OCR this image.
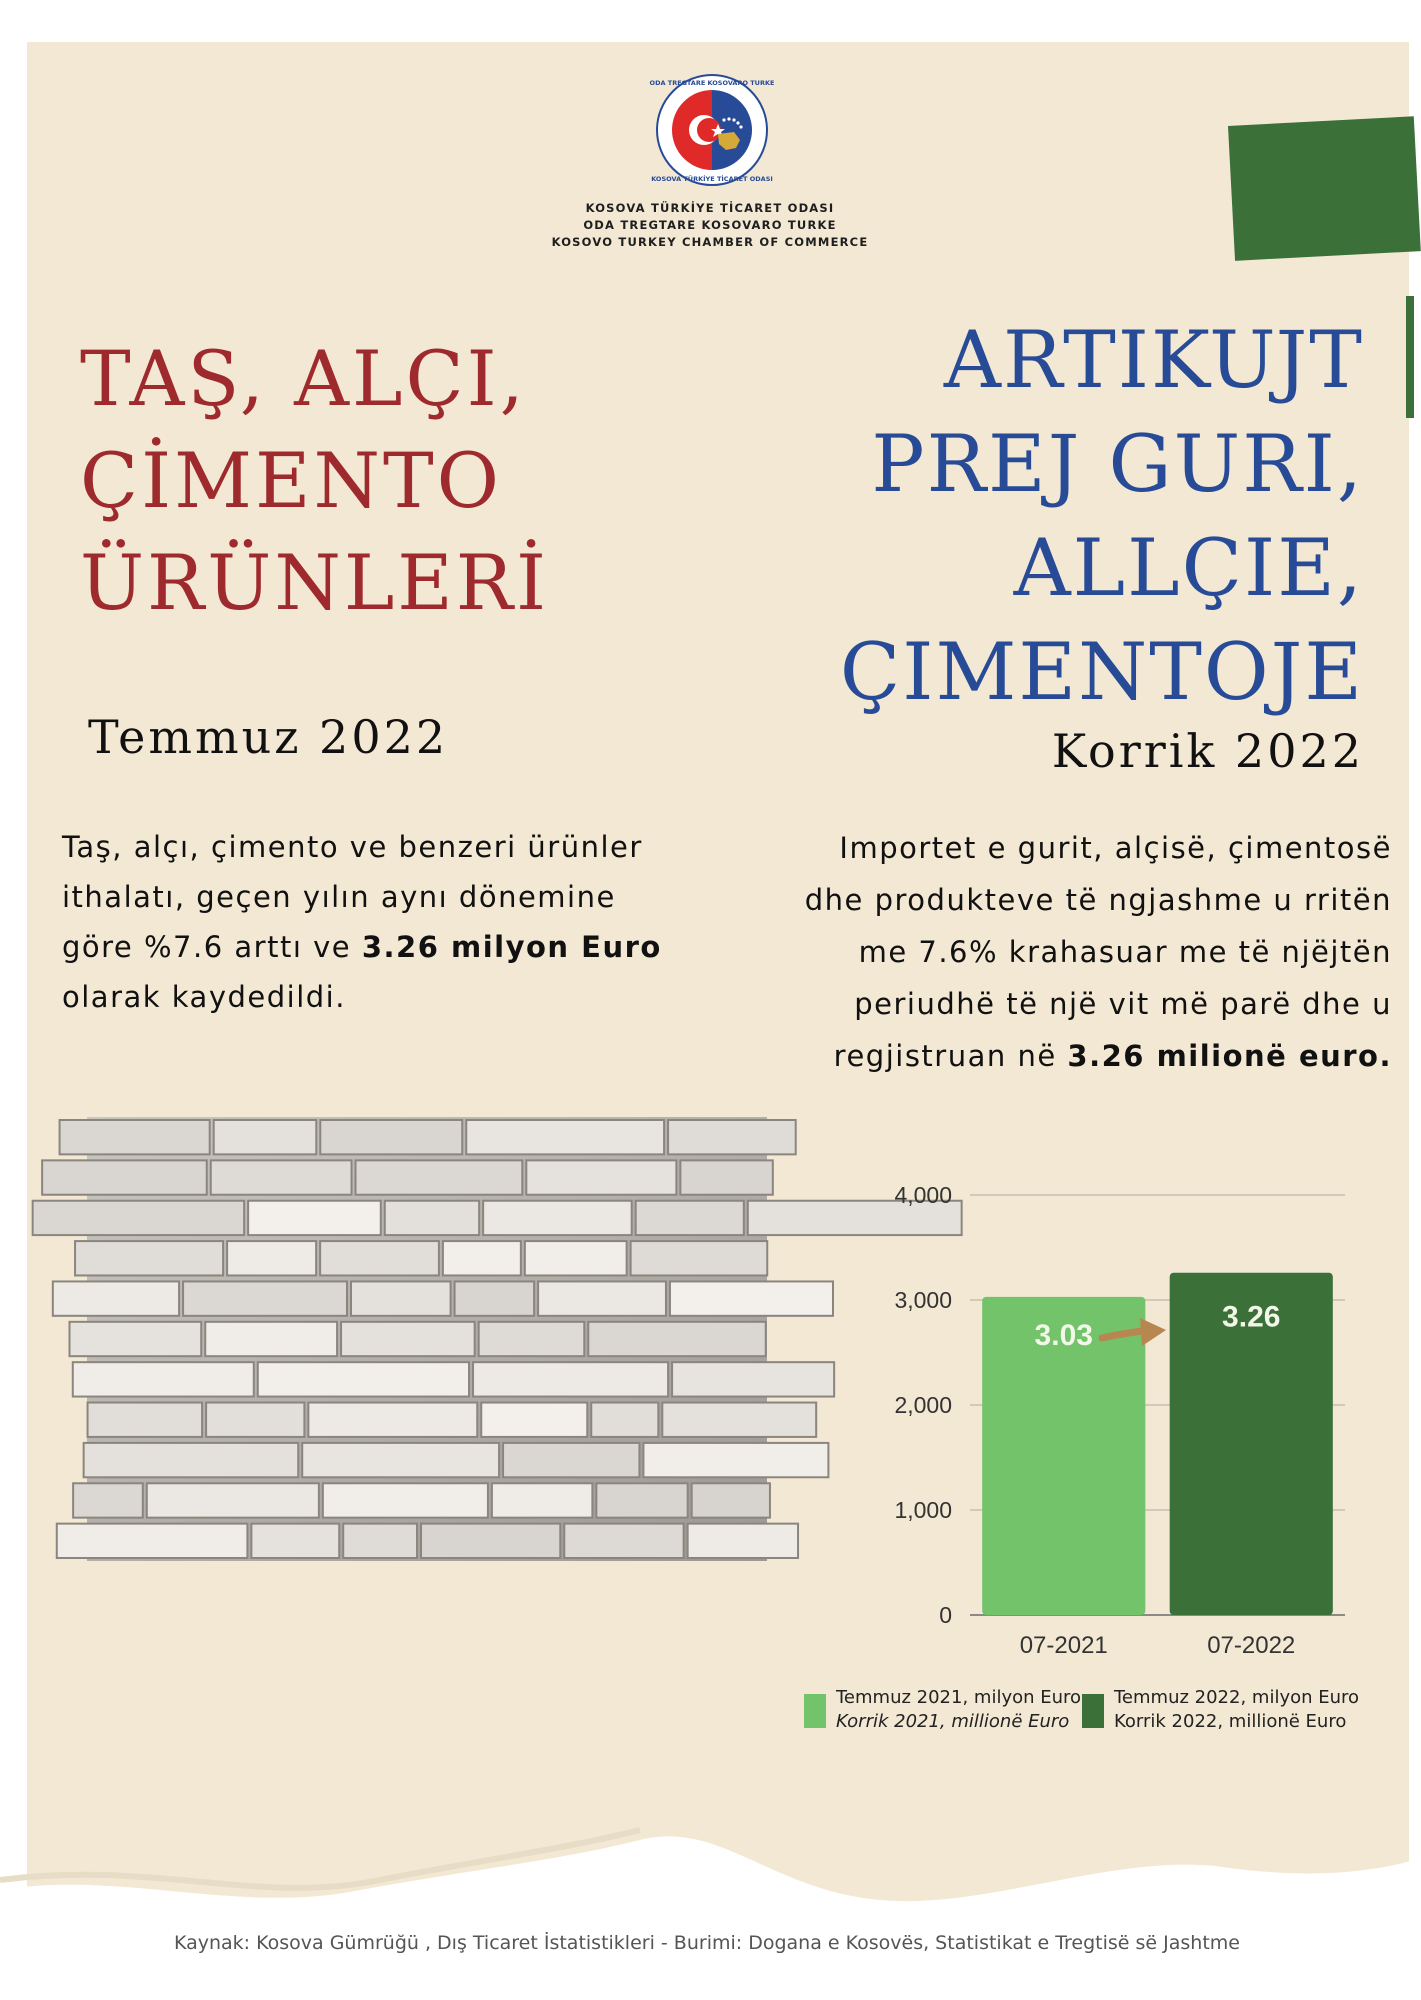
ODA TREGTARE KOSOVARO TURKE
KOSOVA TÜRKİYE TİCARET ODASI
KOSOVA TÜRKİYE TİCARET ODASI
ODA TREGTARE KOSOVARO TURKE
KOSOVO TURKEY CHAMBER OF COMMERCE
TAŞ, ALÇI,
ÇİMENTO
ÜRÜNLERİ
ARTIKUJT
PREJ GURI,
ALLÇIE,
ÇIMENTOJE
Temmuz 2022	Korrik 2022
Taş, alçı, çimento ve benzeri ürünler
ithalatı, geçen yılın aynı dönemine
göre %7.6 arttı ve 3.26 milyon Euro
olarak kaydedildi.
Importet e gurit, alçisë, çimentosë
dhe produkteve të ngjashme u rritën
me 7.6% krahasuar me të njëjtën
periudhë të një vit më parë dhe u
regjistruan në 3.26 milionë euro.
0
1,000
2,000
3,000
4,000
3.03
07-2021
3.26
07-2022
Temmuz 2021, milyon Euro
Korrik 2021, millionë Euro
Temmuz 2022, milyon Euro
Korrik 2022, millionë Euro
Kaynak: Kosova Gümrüğü , Dış Ticaret İstatistikleri - Burimi: Dogana e Kosovës, Statistikat e Tregtisë së Jashtme
